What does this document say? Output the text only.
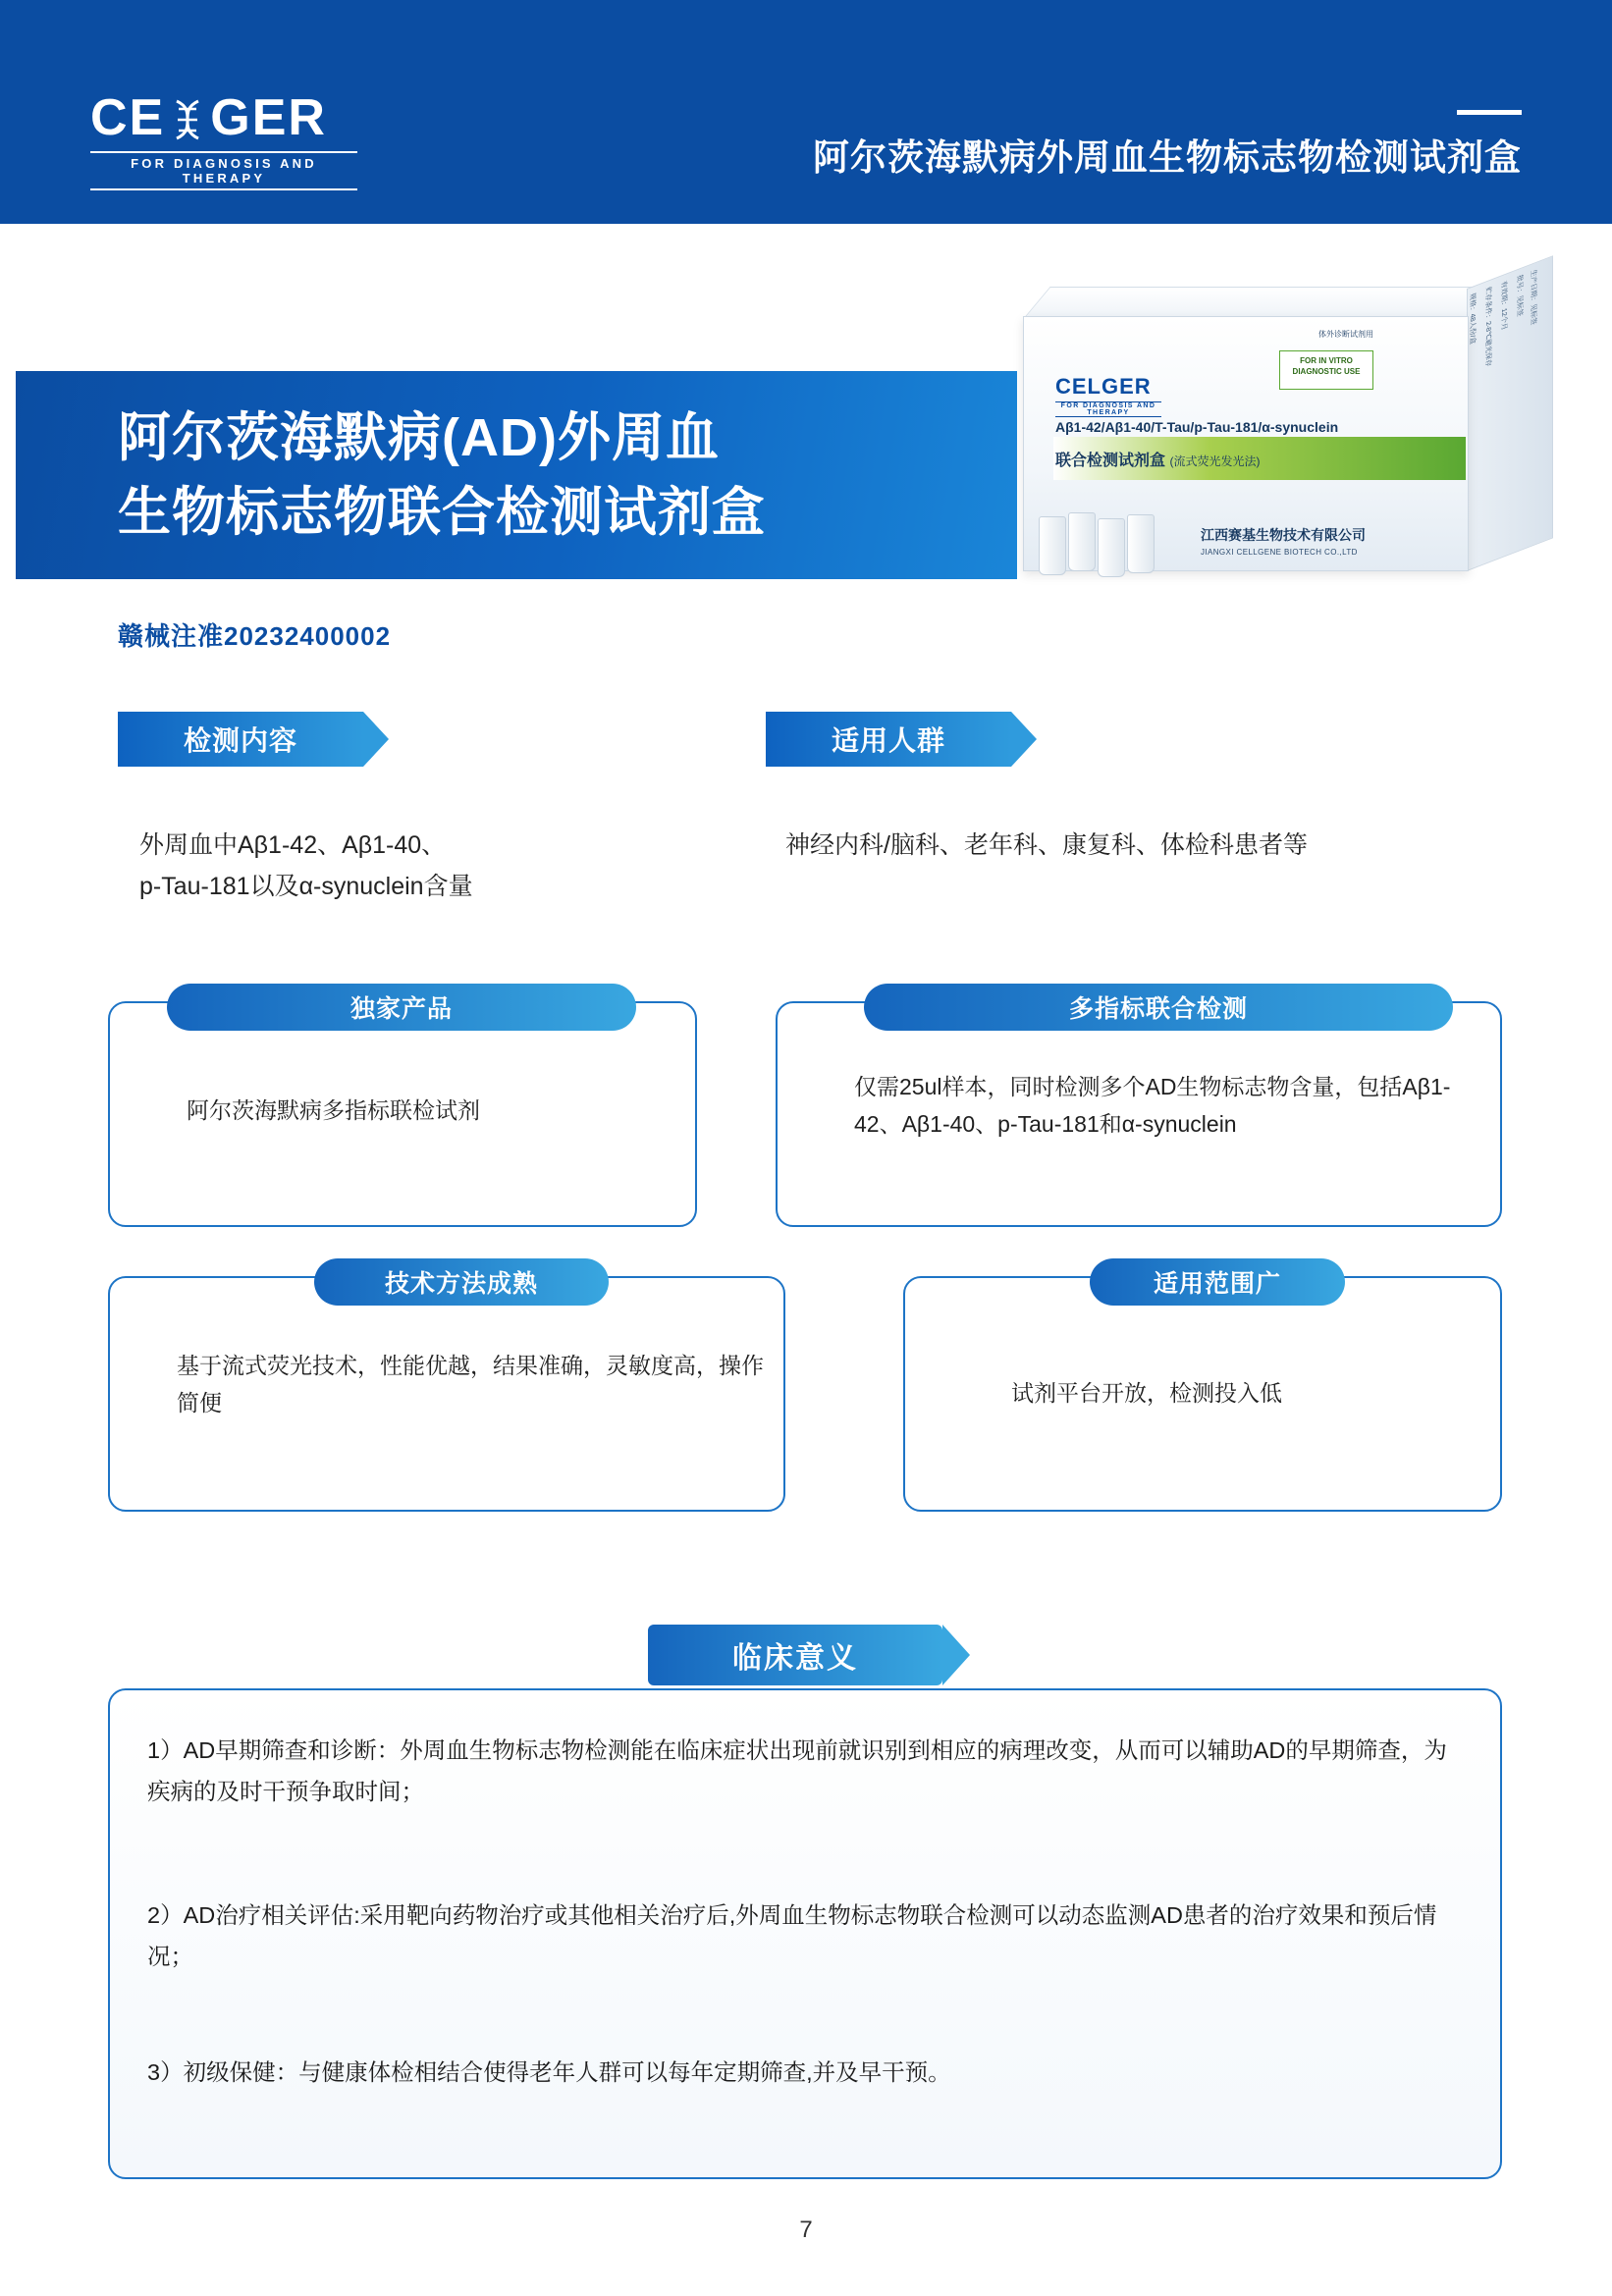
CE GER
FOR DIAGNOSIS AND THERAPY
阿尔茨海默病外周血生物标志物检测试剂盒
规格：48人份/盒 贮存条件：2-8℃避光保存 有效期：12个月 批号：见标签 生产日期：见标签
体外诊断试剂用
FOR IN VITRO
DIAGNOSTIC USE
CELGER
FOR DIAGNOSIS AND THERAPY
Aβ1-42/Aβ1-40/T-Tau/p-Tau-181/α-synuclein
联合检测试剂盒 (流式荧光发光法)
江西赛基生物技术有限公司
JIANGXI CELLGENE BIOTECH CO.,LTD
阿尔茨海默病(AD)外周血
生物标志物联合检测试剂盒
赣械注准20232400002
检测内容
外周血中Aβ1-42、Aβ1-40、
p-Tau-181以及α-synuclein含量
适用人群
神经内科/脑科、老年科、康复科、体检科患者等
独家产品
阿尔茨海默病多指标联检试剂
多指标联合检测
仅需25ul样本，同时检测多个AD生物标志物含量，包括Aβ1-42、Aβ1-40、p-Tau-181和α-synuclein
技术方法成熟
基于流式荧光技术，性能优越，结果准确，灵敏度高，操作简便
适用范围广
试剂平台开放，检测投入低
临床意义
1）AD早期筛查和诊断：外周血生物标志物检测能在临床症状出现前就识别到相应的病理改变，从而可以辅助AD的早期筛查，为疾病的及时干预争取时间；
2）AD治疗相关评估:采用靶向药物治疗或其他相关治疗后,外周血生物标志物联合检测可以动态监测AD患者的治疗效果和预后情况；
3）初级保健：与健康体检相结合使得老年人群可以每年定期筛查,并及早干预。
7
